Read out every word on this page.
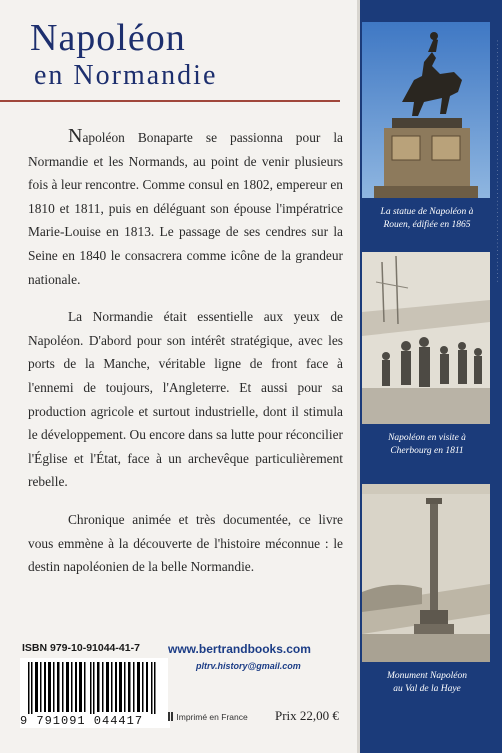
Napoléon
en Normandie

Napoléon Bonaparte se passionna pour la Normandie et les Normands, au point de venir plusieurs fois à leur rencontre. Comme consul en 1802, empereur en 1810 et 1811, puis en déléguant son épouse l'impératrice Marie-Louise en 1813. Le passage de ses cendres sur la Seine en 1840 le consacrera comme icône de la grandeur nationale.

La Normandie était essentielle aux yeux de Napoléon. D'abord pour son intérêt stratégique, avec les ports de la Manche, véritable ligne de front face à l'ennemi de toujours, l'Angleterre. Et aussi pour sa production agricole et surtout industrielle, dont il stimula le développement. Ou encore dans sa lutte pour réconcilier l'Église et l'État, face à un archevêque particulièrement rebelle.

Chronique animée et très documentée, ce livre vous emmène à la découverte de l'histoire méconnue : le destin napoléonien de la belle Normandie.

· · · · · · · · · · · · · · · · · · · · · · · · · · · · · · · · · · · · · · · · · · · · · · · · · · · · · · · · · · · · · · · ·
La statue de Napoléon à
Rouen, édifiée en 1865
Napoléon en visite à
Cherbourg en 1811
Monument Napoléon
au Val de la Haye
ISBN 979-10-91044-41-7
9 791091 044417
www.bertrandbooks.com
pltrv.history@gmail.com
Imprimé en France Prix 22,00 €
